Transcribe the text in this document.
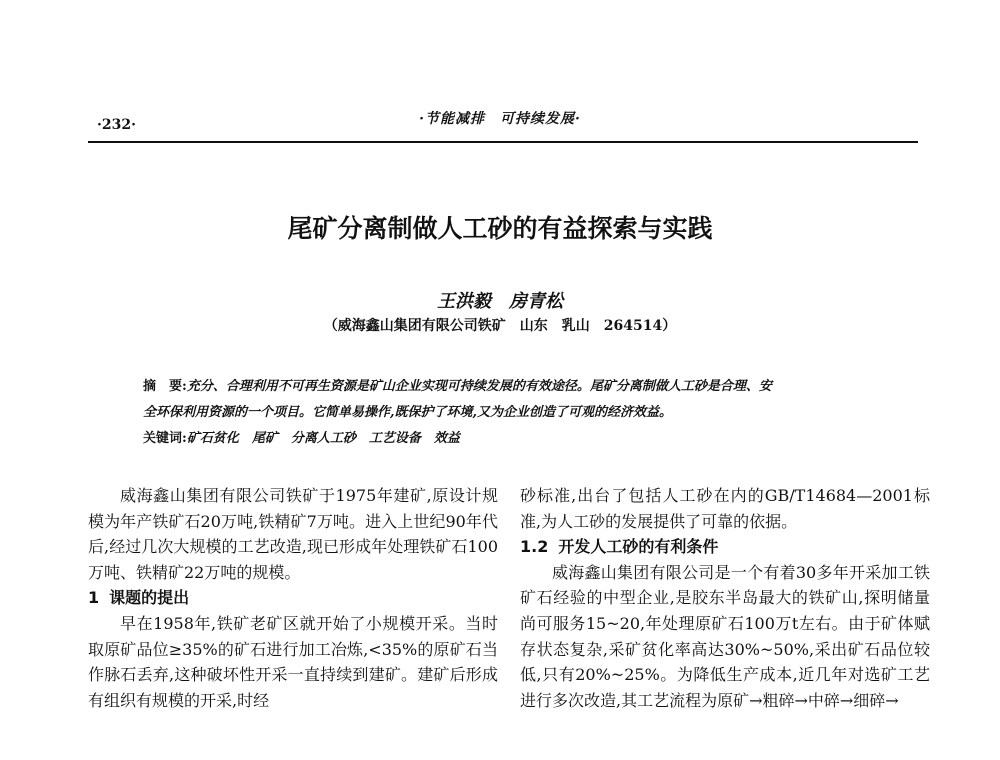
·232·	·节能减排　可持续发展·
尾矿分离制做人工砂的有益探索与实践
王洪毅　房青松
（威海鑫山集团有限公司铁矿　山东　乳山　264514）
摘　要:充分、合理利用不可再生资源是矿山企业实现可持续发展的有效途径。尾矿分离制做人工砂是合理、安
全环保利用资源的一个项目。它简单易操作,既保护了环境,又为企业创造了可观的经济效益。
关键词:矿石贫化　尾矿　分离人工砂　工艺设备　效益

威海鑫山集团有限公司铁矿于1975年建矿,原设计规模为年产铁矿石20万吨,铁精矿7万吨。进入上世纪90年代后,经过几次大规模的工艺改造,现已形成年处理铁矿石100万吨、铁精矿22万吨的规模。

1 课题的提出

早在1958年,铁矿老矿区就开始了小规模开采。当时取原矿品位≥35%的矿石进行加工冶炼,<35%的原矿石当作脉石丢弃,这种破坏性开采一直持续到建矿。建矿后形成有组织有规模的开采,时经

砂标准,出台了包括人工砂在内的GB/T14684—2001标准,为人工砂的发展提供了可靠的依据。

1.2 开发人工砂的有利条件

威海鑫山集团有限公司是一个有着30多年开采加工铁矿石经验的中型企业,是胶东半岛最大的铁矿山,探明储量尚可服务15~20,年处理原矿石100万t左右。由于矿体赋存状态复杂,采矿贫化率高达30%~50%,采出矿石品位较低,只有20%~25%。为降低生产成本,近几年对选矿工艺进行多次改造,其工艺流程为原矿→粗碎→中碎→细碎→
